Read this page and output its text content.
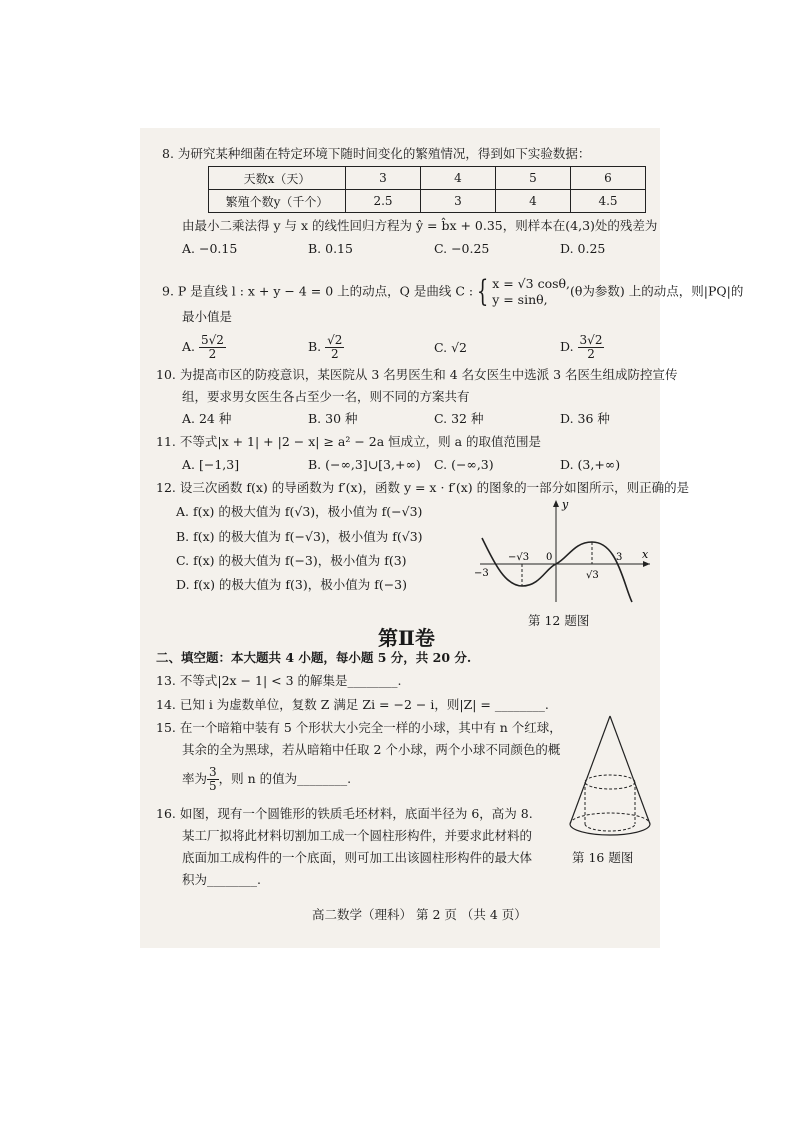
8. 为研究某种细菌在特定环境下随时间变化的繁殖情况，得到如下实验数据：
天数x（天）	3	4	5	6
繁殖个数y（千个）	2.5	3	4	4.5
由最小二乘法得 y 与 x 的线性回归方程为 ŷ = b̂x + 0.35，则样本在(4,3)处的残差为
A. −0.15	B. 0.15	C. −0.25	D. 0.25
9. P 是直线 l : x + y − 4 = 0 上的动点，Q 是曲线 C : { x = √3 cosθ,
y = sinθ,
(θ为参数) 上的动点，则|PQ|的
最小值是
A. $\frac{5√2}{2}$	B. $\frac{√2}{2}$	C. √2	D. $\frac{3√2}{2}$
10. 为提高市区的防疫意识，某医院从 3 名男医生和 4 名女医生中选派 3 名医生组成防控宣传
组，要求男女医生各占至少一名，则不同的方案共有
A. 24 种	B. 30 种	C. 32 种	D. 36 种
11. 不等式|x + 1| + |2 − x| ≥ a² − 2a 恒成立，则 a 的取值范围是
A. [−1,3]	B. (−∞,3]∪[3,+∞) C. (−∞,3)	D. (3,+∞)
12. 设三次函数 f(x) 的导函数为 f′(x)，函数 y = x · f′(x) 的图象的一部分如图所示，则正确的是
A. f(x) 的极大值为 f(√3)，极小值为 f(−√3)
B. f(x) 的极大值为 f(−√3)，极小值为 f(√3)
C. f(x) 的极大值为 f(−3)，极小值为 f(3)
D. f(x) 的极大值为 f(3)，极小值为 f(−3)
y
x
0
−√3
√3
3
−3
第 12 题图
第Ⅱ卷
二、填空题：本大题共 4 小题，每小题 5 分，共 20 分.
13. 不等式|2x − 1| < 3 的解集是________.
14. 已知 i 为虚数单位，复数 Z 满足 Zi = −2 − i，则|Z| = ________.
15. 在一个暗箱中装有 5 个形状大小完全一样的小球，其中有 n 个红球，
其余的全为黑球，若从暗箱中任取 2 个小球，两个小球不同颜色的概
率为 $\frac{3}{5}$ ，则 n 的值为________.
16. 如图，现有一个圆锥形的铁质毛坯材料，底面半径为 6，高为 8.
某工厂拟将此材料切割加工成一个圆柱形构件，并要求此材料的
底面加工成构件的一个底面，则可加工出该圆柱形构件的最大体
积为________.
第 16 题图
高二数学（理科） 第 2 页 （共 4 页）
